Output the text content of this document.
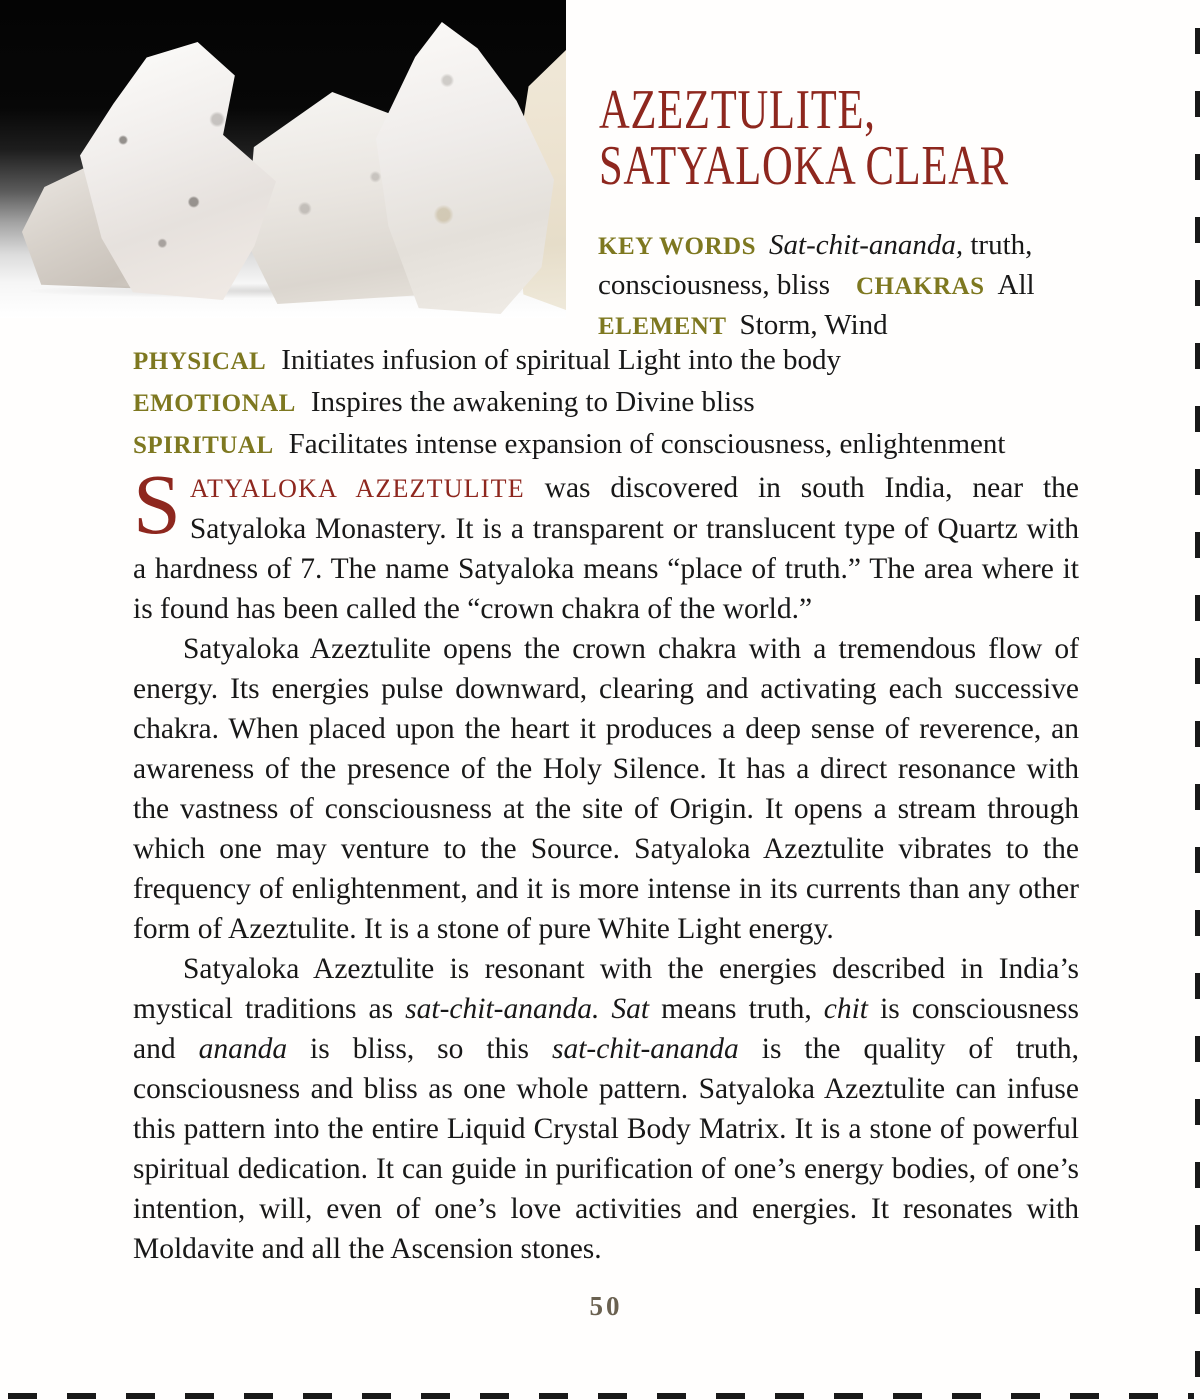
AZEZTULITE,
SATYALOKA CLEAR
KEY WORDS Sat-chit-ananda, truth, consciousness, bliss CHAKRAS All ELEMENT Storm, Wind
PHYSICAL Initiates infusion of spiritual Light into the body
EMOTIONAL Inspires the awakening to Divine bliss
SPIRITUAL Facilitates intense expansion of consciousness, enlightenment

SATYALOKA AZEZTULITE was discovered in south India, near the Satyaloka Monastery. It is a transparent or translucent type of Quartz with a hardness of 7. The name Satyaloka means “place of truth.” The area where it is found has been called the “crown chakra of the world.”

Satyaloka Azeztulite opens the crown chakra with a tremendous flow of energy. Its energies pulse downward, clearing and activating each successive chakra. When placed upon the heart it produces a deep sense of reverence, an awareness of the presence of the Holy Silence. It has a direct resonance with the vastness of consciousness at the site of Origin. It opens a stream through which one may venture to the Source. Satyaloka Azeztulite vibrates to the frequency of enlightenment, and it is more intense in its currents than any other form of Azeztulite. It is a stone of pure White Light energy.

Satyaloka Azeztulite is resonant with the energies described in India’s mystical traditions as sat-chit-ananda. Sat means truth, chit is consciousness and ananda is bliss, so this sat-chit-ananda is the quality of truth, consciousness and bliss as one whole pattern. Satyaloka Azeztulite can infuse this pattern into the entire Liquid Crystal Body Matrix. It is a stone of powerful spiritual dedication. It can guide in purification of one’s energy bodies, of one’s intention, will, even of one’s love activities and energies. It resonates with Moldavite and all the Ascension stones.

50
